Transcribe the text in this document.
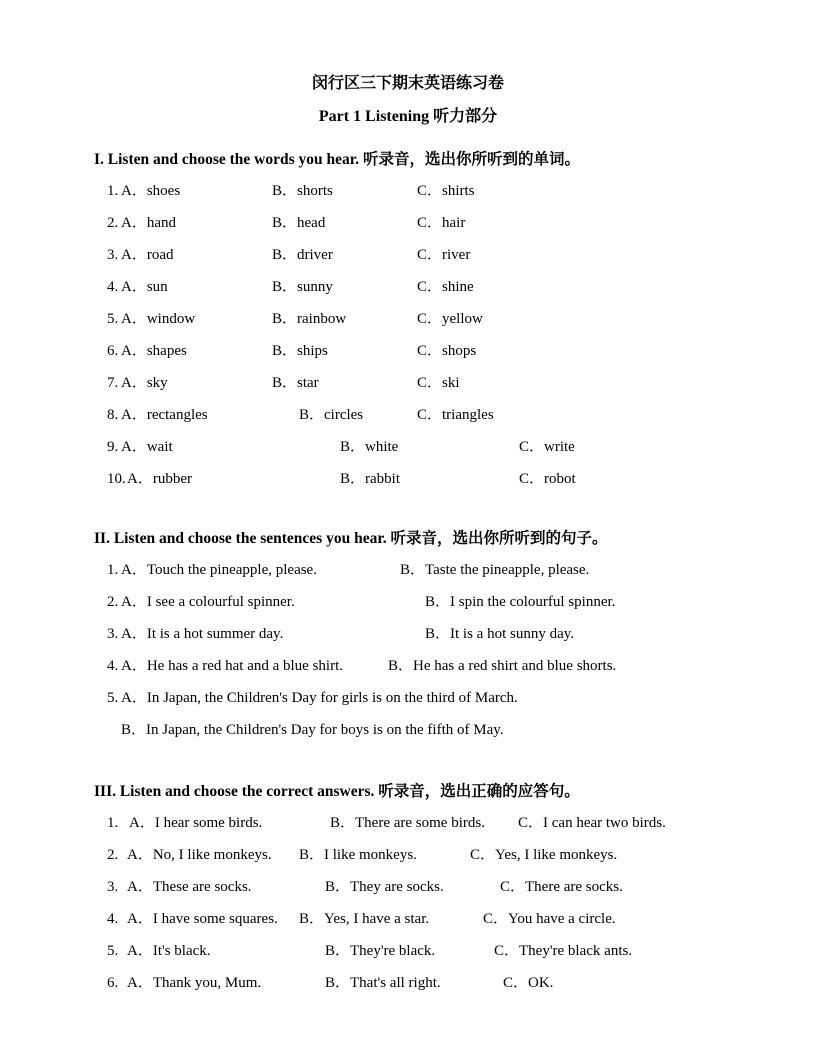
闵行区三下期末英语练习卷
Part 1 Listening 听力部分
I. Listen and choose the words you hear. 听录音，选出你所听到的单词。
1. A．shoes	B．shorts	C．shirts
2. A．hand	B．head	C．hair
3. A．road	B．driver	C．river
4. A．sun	B．sunny	C．shine
5. A．window	B．rainbow	C．yellow
6. A．shapes	B．ships	C．shops
7. A．sky	B．star	C．ski
8. A．rectangles	B．circles	C．triangles
9. A．wait	B．white	C．write
10. A．rubber	B．rabbit	C．robot
II. Listen and choose the sentences you hear. 听录音，选出你所听到的句子。
1. A．Touch the pineapple, please.	B．Taste the pineapple, please.
2. A．I see a colourful spinner.	B．I spin the colourful spinner.
3. A．It is a hot summer day.	B．It is a hot sunny day.
4. A．He has a red hat and a blue shirt.	B．He has a red shirt and blue shorts.
5. A．In Japan, the Children's Day for girls is on the third of March.
B．In Japan, the Children's Day for boys is on the fifth of May.
III. Listen and choose the correct answers. 听录音，选出正确的应答句。
1. A．I hear some birds.	B．There are some birds.	C．I can hear two birds.
2. A．No, I like monkeys.	B．I like monkeys.	C．Yes, I like monkeys.
3. A．These are socks.	B．They are socks.	C．There are socks.
4. A．I have some squares.	B．Yes, I have a star.	C．You have a circle.
5. A．It's black.	B．They're black.	C．They're black ants.
6. A．Thank you, Mum.	B．That's all right.	C．OK.
